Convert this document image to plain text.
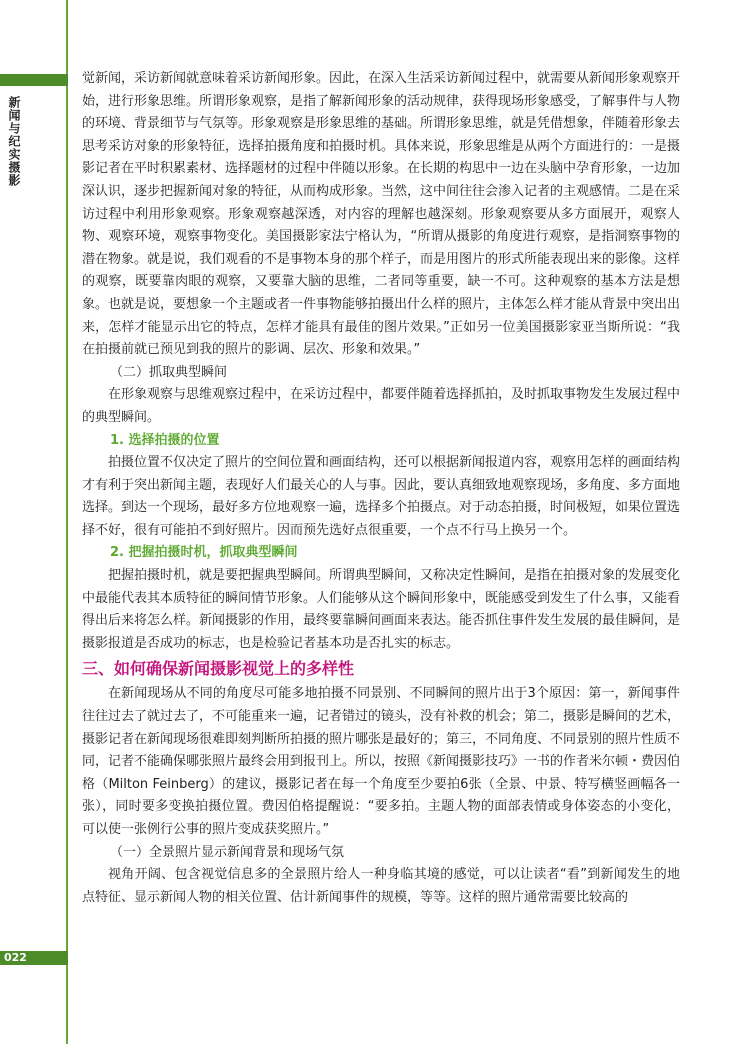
新闻与纪实摄影
022

觉新闻，采访新闻就意味着采访新闻形象。因此，在深入生活采访新闻过程中，就需要从新闻形象观察开始，进行形象思维。所谓形象观察，是指了解新闻形象的活动规律，获得现场形象感受，了解事件与人物的环境、背景细节与气氛等。形象观察是形象思维的基础。所谓形象思维，就是凭借想象，伴随着形象去思考采访对象的形象特征，选择拍摄角度和拍摄时机。具体来说，形象思维是从两个方面进行的：一是摄影记者在平时积累素材、选择题材的过程中伴随以形象。在长期的构思中一边在头脑中孕育形象，一边加深认识，逐步把握新闻对象的特征，从而构成形象。当然，这中间往往会渗入记者的主观感情。二是在采访过程中利用形象观察。形象观察越深透，对内容的理解也越深刻。形象观察要从多方面展开，观察人物、观察环境，观察事物变化。美国摄影家法宁格认为，“所谓从摄影的角度进行观察，是指洞察事物的潜在物象。就是说，我们观看的不是事物本身的那个样子，而是用图片的形式所能表现出来的影像。这样的观察，既要靠肉眼的观察，又要靠大脑的思维，二者同等重要，缺一不可。这种观察的基本方法是想象。也就是说，要想象一个主题或者一件事物能够拍摄出什么样的照片，主体怎么样才能从背景中突出出来，怎样才能显示出它的特点，怎样才能具有最佳的图片效果。”正如另一位美国摄影家亚当斯所说：“我在拍摄前就已预见到我的照片的影调、层次、形象和效果。”

（二）抓取典型瞬间

在形象观察与思维观察过程中，在采访过程中，都要伴随着选择抓拍，及时抓取事物发生发展过程中的典型瞬间。

1. 选择拍摄的位置

拍摄位置不仅决定了照片的空间位置和画面结构，还可以根据新闻报道内容，观察用怎样的画面结构才有利于突出新闻主题，表现好人们最关心的人与事。因此，要认真细致地观察现场，多角度、多方面地选择。到达一个现场，最好多方位地观察一遍，选择多个拍摄点。对于动态拍摄，时间极短，如果位置选择不好，很有可能拍不到好照片。因而预先选好点很重要，一个点不行马上换另一个。

2. 把握拍摄时机，抓取典型瞬间

把握拍摄时机，就是要把握典型瞬间。所谓典型瞬间，又称决定性瞬间，是指在拍摄对象的发展变化中最能代表其本质特征的瞬间情节形象。人们能够从这个瞬间形象中，既能感受到发生了什么事，又能看得出后来将怎么样。新闻摄影的作用，最终要靠瞬间画面来表达。能否抓住事件发生发展的最佳瞬间，是摄影报道是否成功的标志，也是检验记者基本功是否扎实的标志。

三、如何确保新闻摄影视觉上的多样性

在新闻现场从不同的角度尽可能多地拍摄不同景别、不同瞬间的照片出于3个原因：第一，新闻事件往往过去了就过去了，不可能重来一遍，记者错过的镜头，没有补救的机会；第二，摄影是瞬间的艺术，摄影记者在新闻现场很难即刻判断所拍摄的照片哪张是最好的；第三，不同角度、不同景别的照片性质不同，记者不能确保哪张照片最终会用到报刊上。所以，按照《新闻摄影技巧》一书的作者米尔顿・费因伯格（Milton Feinberg）的建议，摄影记者在每一个角度至少要拍6张（全景、中景、特写横竖画幅各一张），同时要多变换拍摄位置。费因伯格提醒说：“要多拍。主题人物的面部表情或身体姿态的小变化，可以使一张例行公事的照片变成获奖照片。”

（一）全景照片显示新闻背景和现场气氛

视角开阔、包含视觉信息多的全景照片给人一种身临其境的感觉，可以让读者“看”到新闻发生的地点特征、显示新闻人物的相关位置、估计新闻事件的规模，等等。这样的照片通常需要比较高的
